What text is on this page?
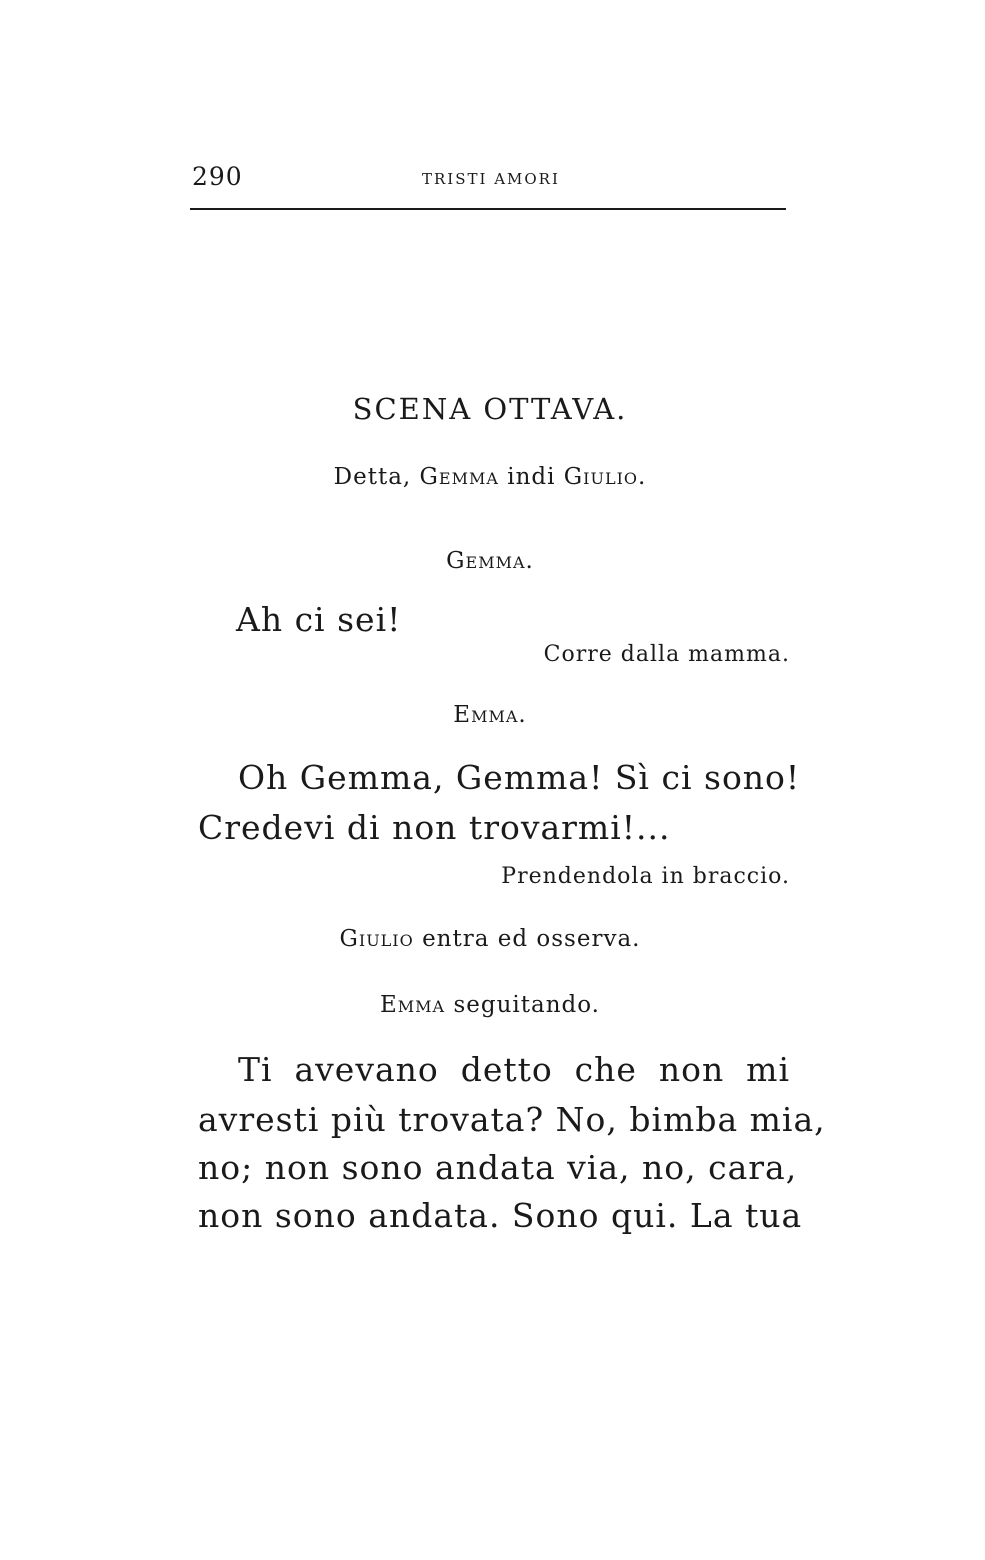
290	TRISTI AMORI
SCENA OTTAVA.
Detta, Gemma indi Giulio.
Gemma.
Ah ci sei!
Corre dalla mamma.
Emma.
Oh Gemma, Gemma! Sì ci sono!
Credevi di non trovarmi!...
Prendendola in braccio.
Giulio entra ed osserva.
Emma seguitando.
Ti avevano detto che non mi
avresti più trovata? No, bimba mia,
no; non sono andata via, no, cara,
non sono andata. Sono qui. La tua
